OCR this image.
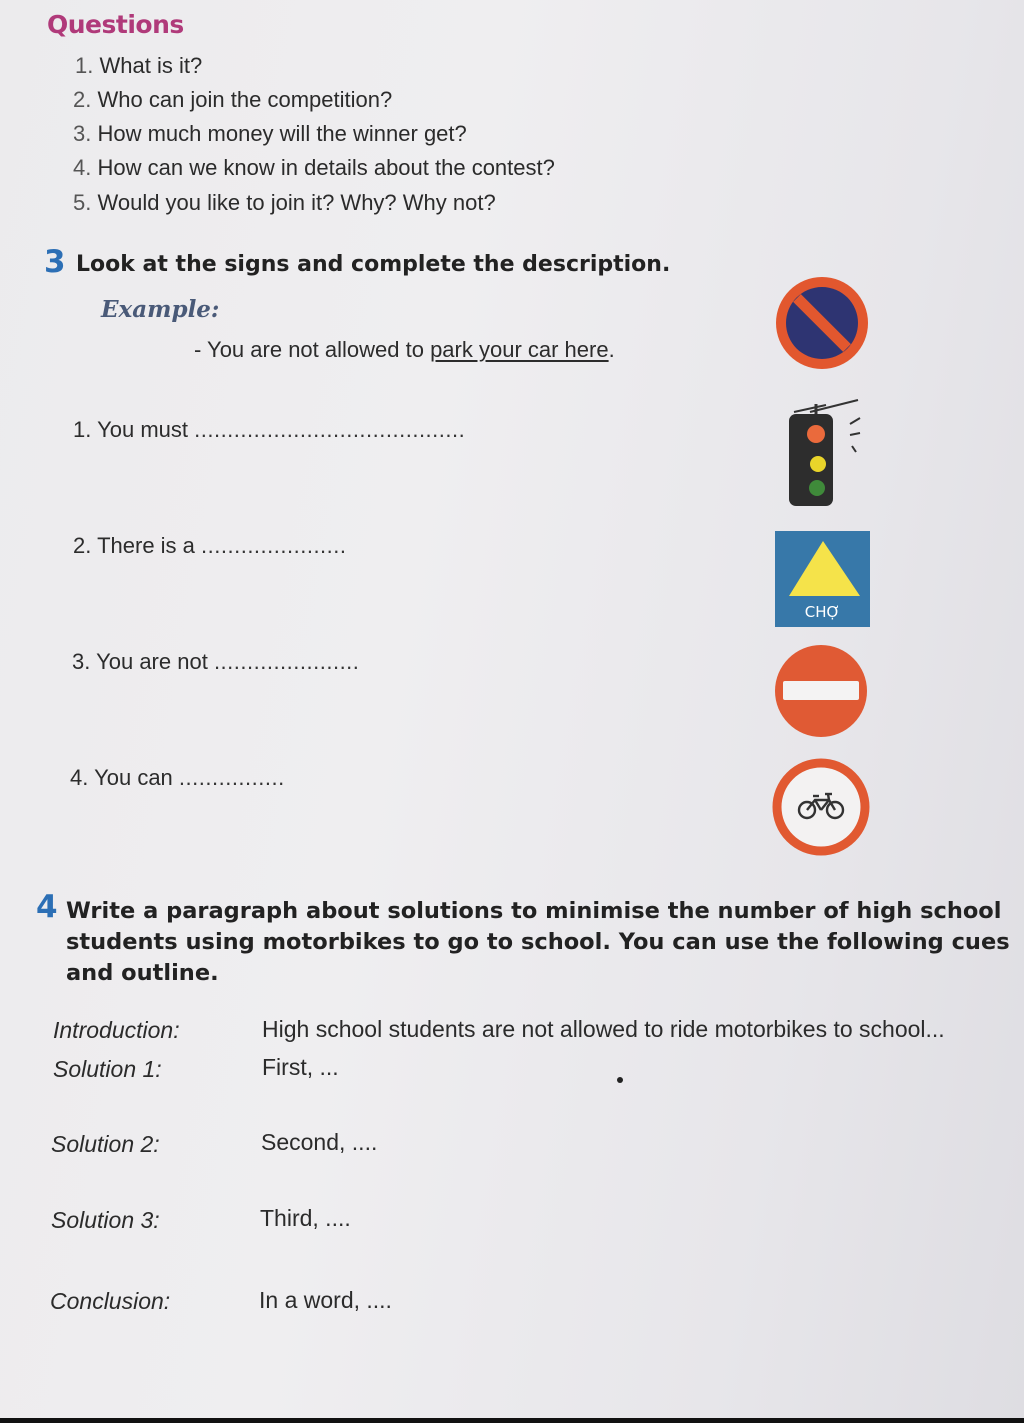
Questions
1. What is it?
2. Who can join the competition?
3. How much money will the winner get?
4. How can we know in details about the contest?
5. Would you like to join it? Why? Why not?
3 Look at the signs and complete the description.
Example:
- You are not allowed to park your car here.
1. You must .........................................
2. There is a ......................
3. You are not ......................
4. You can ................
CHỢ
4 Write a paragraph about solutions to minimise the number of high school students using motorbikes to go to school. You can use the following cues and outline.
Introduction:	High school students are not allowed to ride motorbikes to school...
Solution 1:	First, ...
Solution 2:	Second, ....
Solution 3:	Third, ....
Conclusion:	In a word, ....
